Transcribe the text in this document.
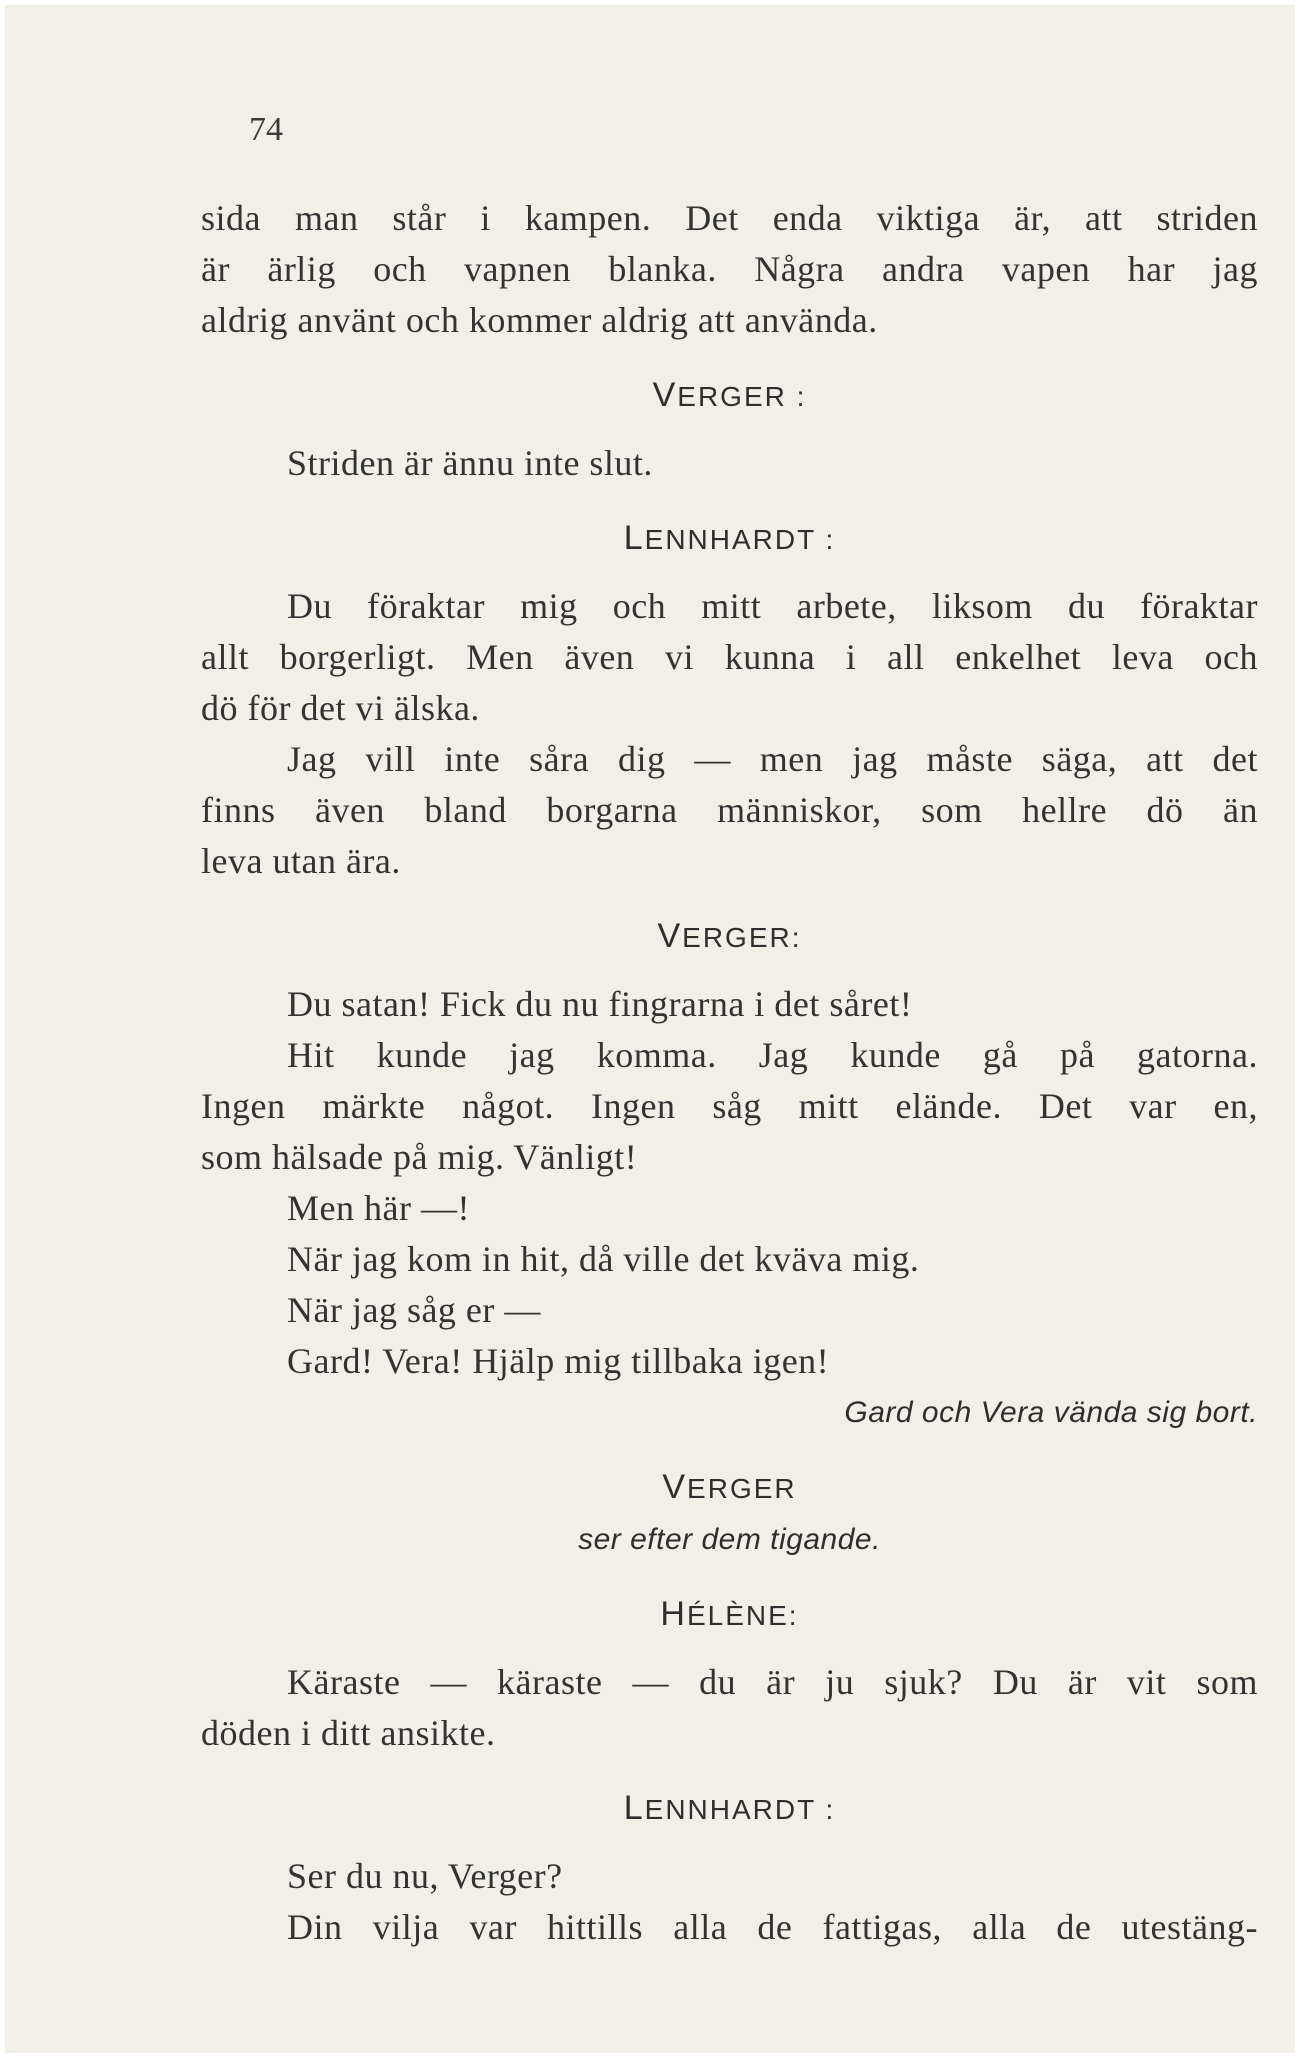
74

sida man står i kampen. Det enda viktiga är, att striden
är ärlig och vapnen blanka. Några andra vapen har jag
aldrig använt och kommer aldrig att använda.

VERGER :
Striden är ännu inte slut.
LENNHARDT :
Du föraktar mig och mitt arbete, liksom du föraktar
allt borgerligt. Men även vi kunna i all enkelhet leva och
dö för det vi älska.
Jag vill inte såra dig — men jag måste säga, att det
finns även bland borgarna människor, som hellre dö än
leva utan ära.
VERGER:
Du satan! Fick du nu fingrarna i det såret!
Hit kunde jag komma. Jag kunde gå på gatorna.
Ingen märkte något. Ingen såg mitt elände. Det var en,
som hälsade på mig. Vänligt!
Men här —!
När jag kom in hit, då ville det kväva mig.
När jag såg er —
Gard! Vera! Hjälp mig tillbaka igen!
Gard och Vera vända sig bort.
VERGER
ser efter dem tigande.
HÉLÈNE:
Käraste — käraste — du är ju sjuk? Du är vit som
döden i ditt ansikte.
LENNHARDT :
Ser du nu, Verger?
Din vilja var hittills alla de fattigas, alla de utestäng-
